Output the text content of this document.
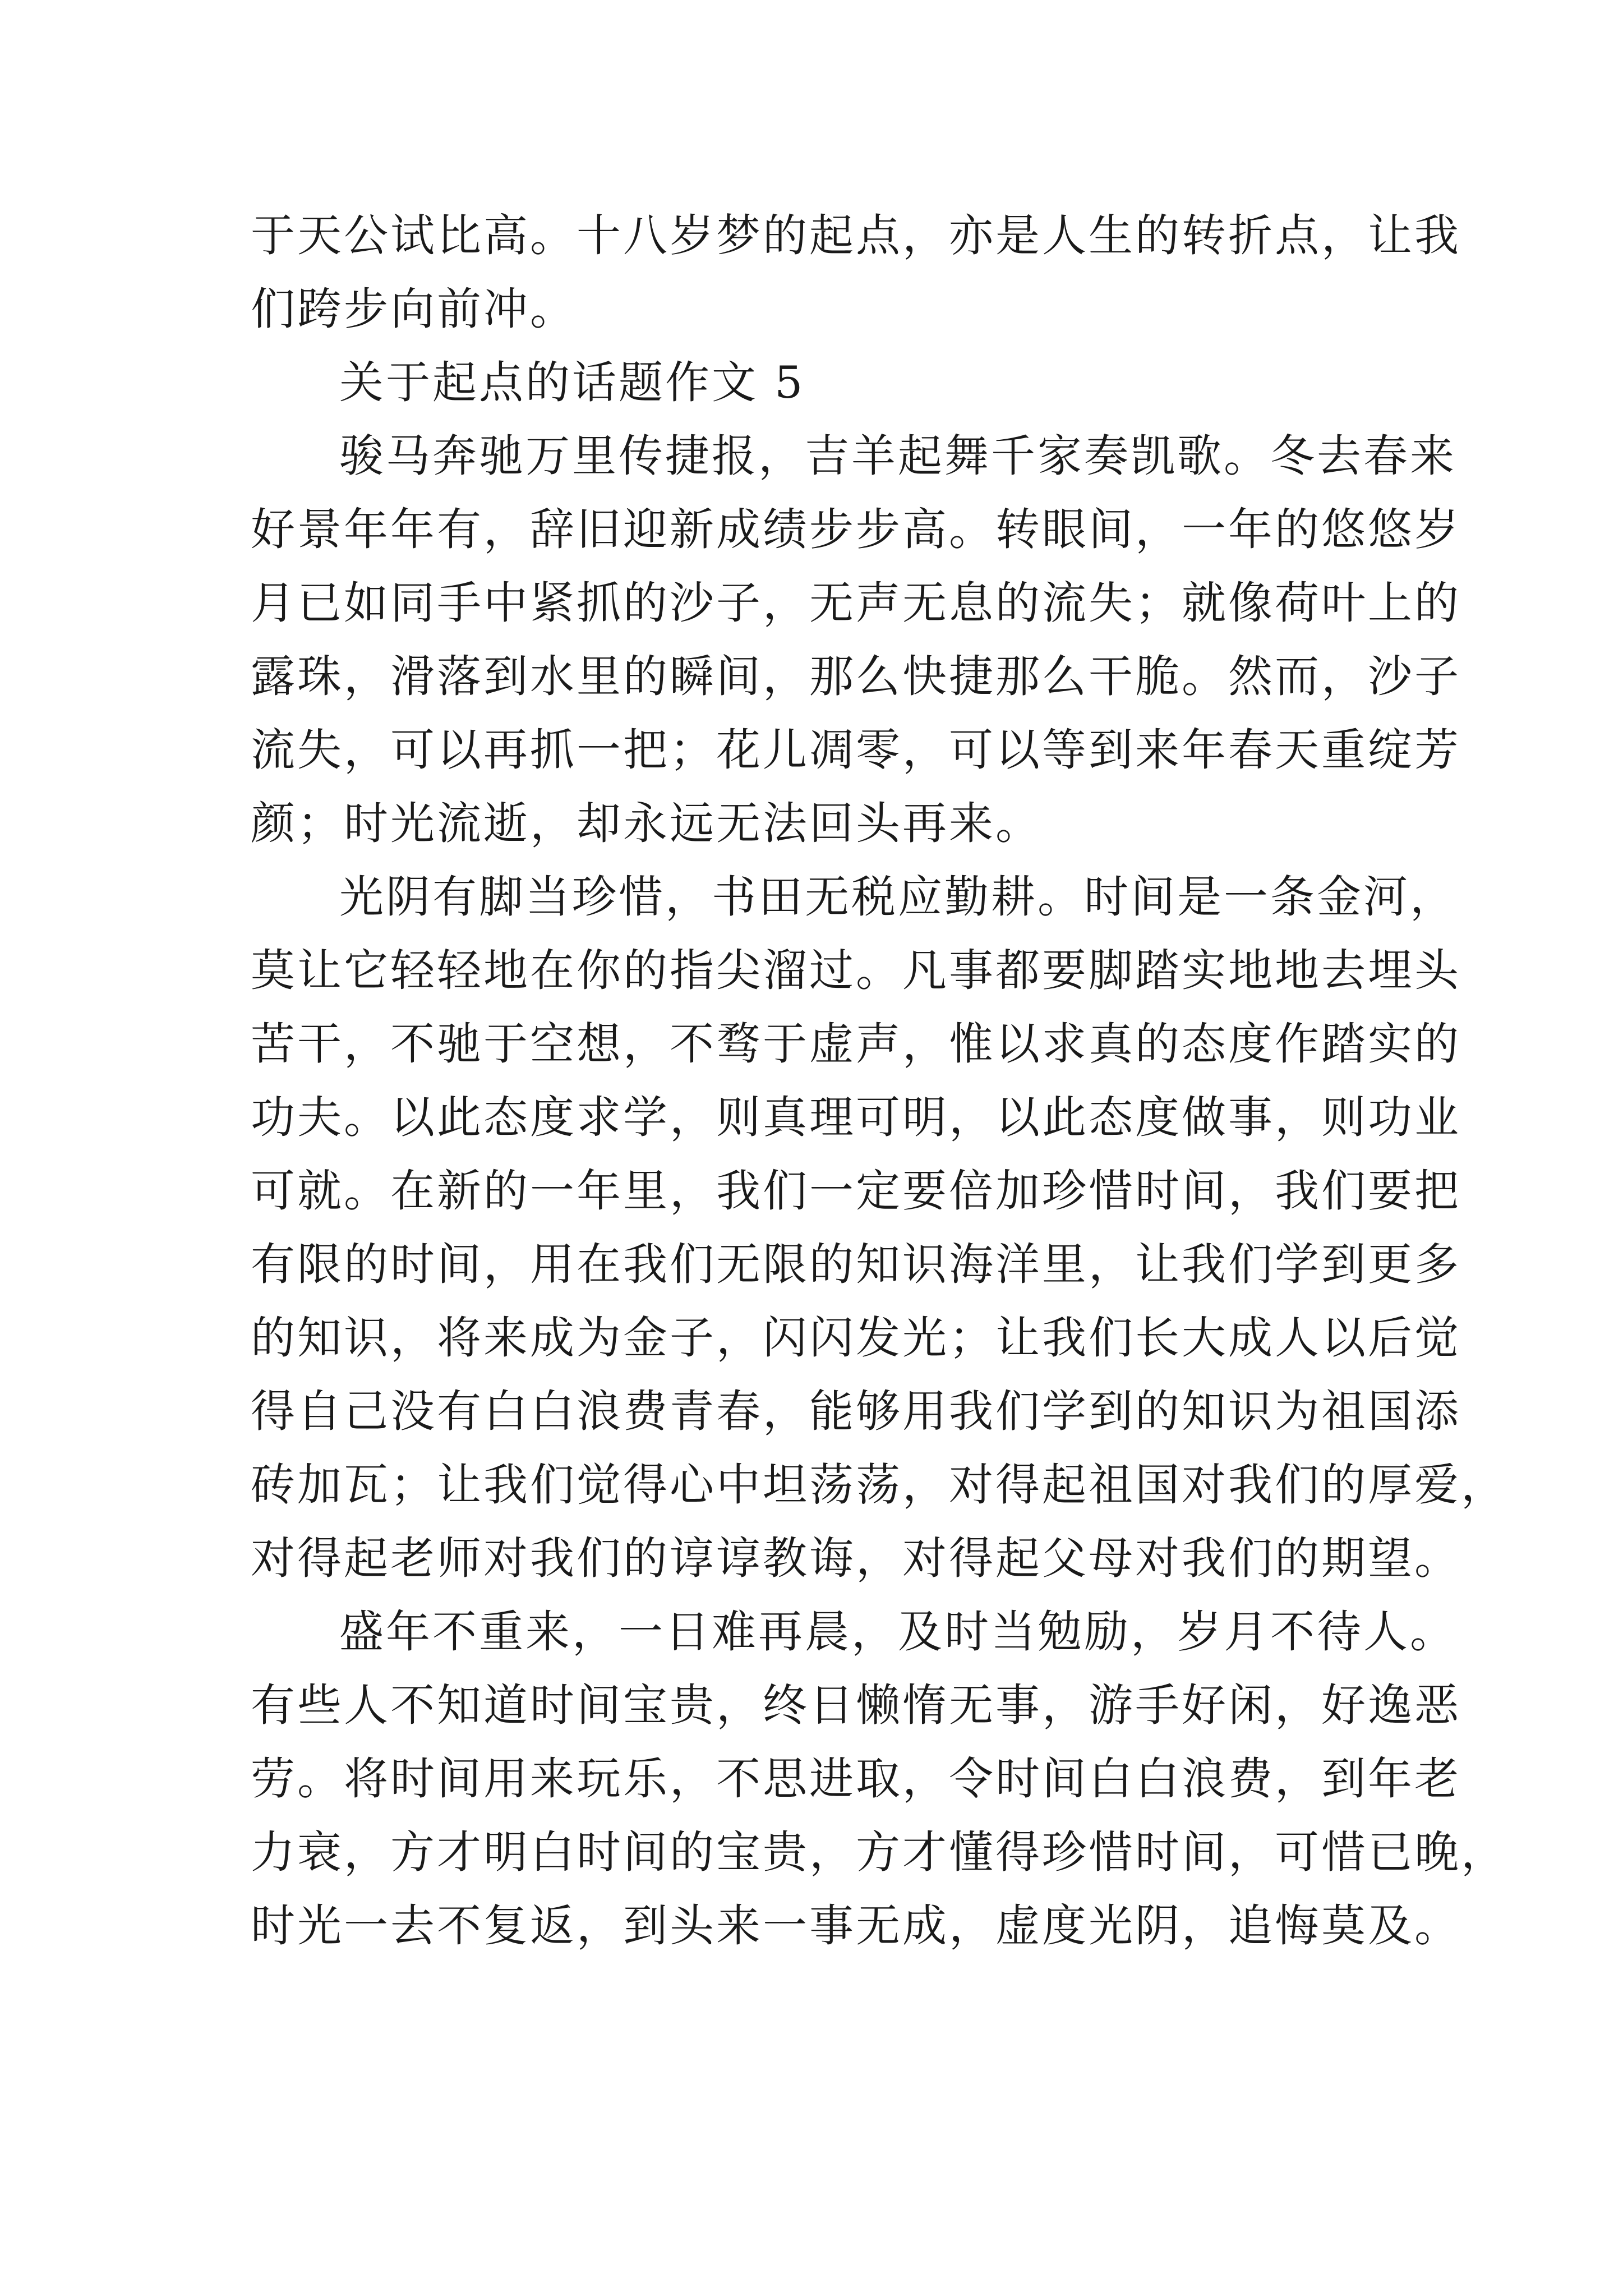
于天公试比高。十八岁梦的起点，亦是人生的转折点，让我
们跨步向前冲。
关于起点的话题作文 5
骏马奔驰万里传捷报，吉羊起舞千家奏凯歌。冬去春来
好景年年有，辞旧迎新成绩步步高。转眼间，一年的悠悠岁
月已如同手中紧抓的沙子，无声无息的流失；就像荷叶上的
露珠，滑落到水里的瞬间，那么快捷那么干脆。然而，沙子
流失，可以再抓一把；花儿凋零，可以等到来年春天重绽芳
颜；时光流逝，却永远无法回头再来。
光阴有脚当珍惜，书田无税应勤耕。时间是一条金河，
莫让它轻轻地在你的指尖溜过。凡事都要脚踏实地地去埋头
苦干，不驰于空想，不骛于虚声，惟以求真的态度作踏实的
功夫。以此态度求学，则真理可明，以此态度做事，则功业
可就。在新的一年里，我们一定要倍加珍惜时间，我们要把
有限的时间，用在我们无限的知识海洋里，让我们学到更多
的知识，将来成为金子，闪闪发光；让我们长大成人以后觉
得自己没有白白浪费青春，能够用我们学到的知识为祖国添
砖加瓦；让我们觉得心中坦荡荡，对得起祖国对我们的厚爱，
对得起老师对我们的谆谆教诲，对得起父母对我们的期望。
盛年不重来，一日难再晨，及时当勉励，岁月不待人。
有些人不知道时间宝贵，终日懒惰无事，游手好闲，好逸恶
劳。将时间用来玩乐，不思进取，令时间白白浪费，到年老
力衰，方才明白时间的宝贵，方才懂得珍惜时间，可惜已晚，
时光一去不复返，到头来一事无成，虚度光阴，追悔莫及。
